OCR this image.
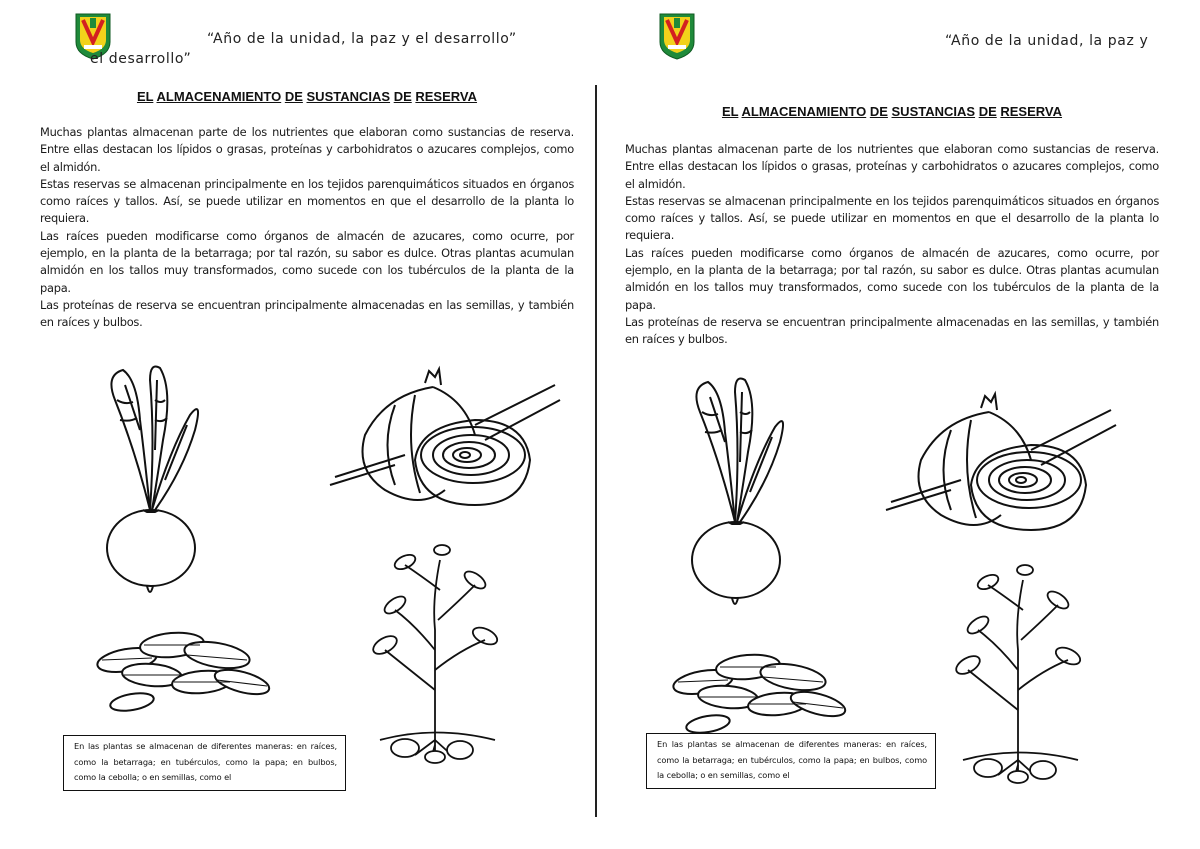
“Año de la unidad, la paz y el desarrollo”
el desarrollo”
EL ALMACENAMIENTO DE SUSTANCIAS DE RESERVA

Muchas plantas almacenan parte de los nutrientes que elaboran como sustancias de reserva. Entre ellas destacan los lípidos o grasas, proteínas y carbohidratos o azucares complejos, como el almidón.

Estas reservas se almacenan principalmente en los tejidos parenquimáticos situados en órganos como raíces y tallos. Así, se puede utilizar en momentos en que el desarrollo de la planta lo requiera.

Las raíces pueden modificarse como órganos de almacén de azucares, como ocurre, por ejemplo, en la planta de la betarraga; por tal razón, su sabor es dulce. Otras plantas acumulan almidón en los tallos muy transformados, como sucede con los tubérculos de la planta de la papa.

Las proteínas de reserva se encuentran principalmente almacenadas en las semillas, y también en raíces y bulbos.

En las plantas se almacenan de diferentes maneras: en raíces, como la betarraga; en tubérculos, como la papa; en bulbos, como la cebolla; o en semillas, como el
“Año de la unidad, la paz y
EL ALMACENAMIENTO DE SUSTANCIAS DE RESERVA

Muchas plantas almacenan parte de los nutrientes que elaboran como sustancias de reserva. Entre ellas destacan los lípidos o grasas, proteínas y carbohidratos o azucares complejos, como el almidón.

Estas reservas se almacenan principalmente en los tejidos parenquimáticos situados en órganos como raíces y tallos. Así, se puede utilizar en momentos en que el desarrollo de la planta lo requiera.

Las raíces pueden modificarse como órganos de almacén de azucares, como ocurre, por ejemplo, en la planta de la betarraga; por tal razón, su sabor es dulce. Otras plantas acumulan almidón en los tallos muy transformados, como sucede con los tubérculos de la planta de la papa.

Las proteínas de reserva se encuentran principalmente almacenadas en las semillas, y también en raíces y bulbos.

En las plantas se almacenan de diferentes maneras: en raíces, como la betarraga; en tubérculos, como la papa; en bulbos, como la cebolla; o en semillas, como el
